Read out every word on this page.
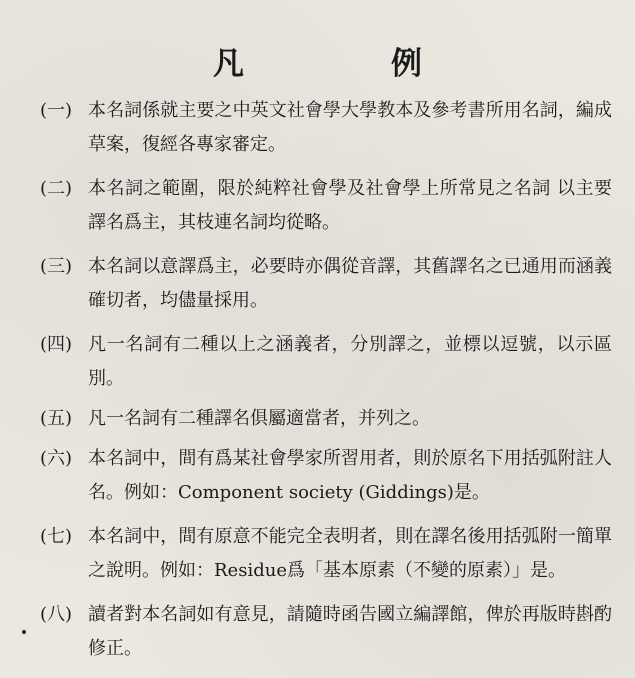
凡　例
(一) 本名詞係就主要之中英文社會學大學教本及參考書所用名詞，編成草案，復經各專家審定。
(二) 本名詞之範圍，限於純粹社會學及社會學上所常見之名詞 以主要譯名爲主，其枝連名詞均從略。
(三) 本名詞以意譯爲主，必要時亦偶從音譯，其舊譯名之已通用而涵義確切者，均儘量採用。
(四) 凡一名詞有二種以上之涵義者，分別譯之，並標以逗號，以示區別。
(五) 凡一名詞有二種譯名俱屬適當者，并列之。
(六) 本名詞中，間有爲某社會學家所習用者，則於原名下用括弧附註人名。例如：Component society (Giddings)是。
(七) 本名詞中，間有原意不能完全表明者，則在譯名後用括弧附一簡單之說明。例如：Residue爲「基本原素（不變的原素）」是。
(八) 讀者對本名詞如有意見，請隨時函告國立編譯館，俾於再版時斟酌修正。
